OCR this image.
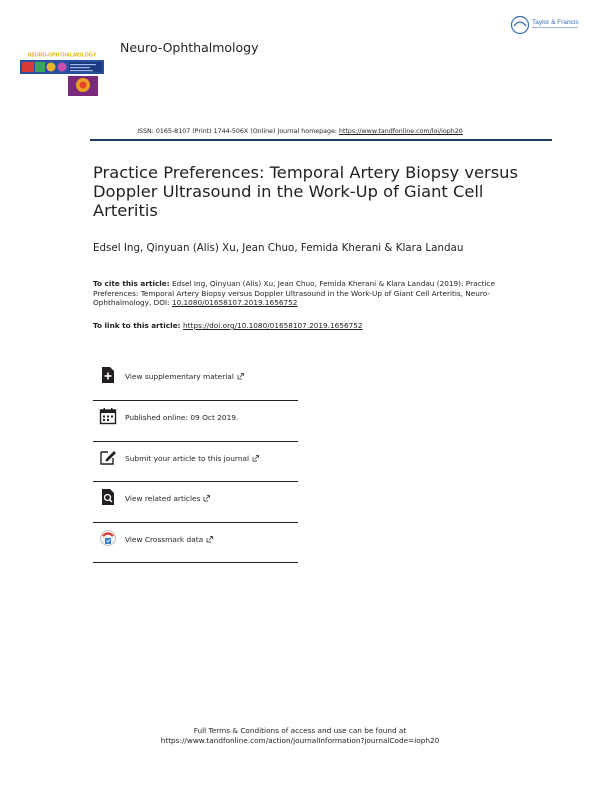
NEURO-OPHTHALMOLOGY
Neuro-Ophthalmology
Taylor & Francis
ISSN: 0165-8107 (Print) 1744-506X (Online) Journal homepage: https://www.tandfonline.com/loi/ioph20
Practice Preferences: Temporal Artery Biopsy versus Doppler Ultrasound in the Work-Up of Giant Cell Arteritis
Edsel Ing, Qinyuan (Alis) Xu, Jean Chuo, Femida Kherani & Klara Landau
To cite this article: Edsel Ing, Qinyuan (Alis) Xu, Jean Chuo, Femida Kherani & Klara Landau (2019): Practice Preferences: Temporal Artery Biopsy versus Doppler Ultrasound in the Work-Up of Giant Cell Arteritis, Neuro-Ophthalmology, DOI: 10.1080/01658107.2019.1656752
To link to this article: https://doi.org/10.1080/01658107.2019.1656752
View supplementary material
Published online: 09 Oct 2019.
Submit your article to this journal
View related articles
View Crossmark data
Full Terms & Conditions of access and use can be found at
https://www.tandfonline.com/action/journalInformation?journalCode=ioph20
